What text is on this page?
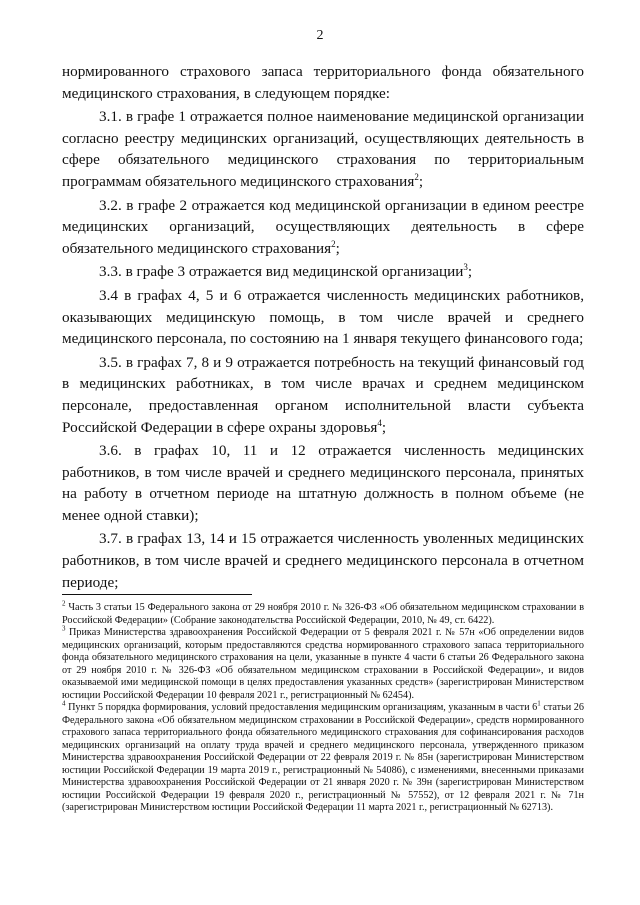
2

нормированного страхового запаса территориального фонда обязательного медицинского страхования, в следующем порядке:

3.1. в графе 1 отражается полное наименование медицинской организации согласно реестру медицинских организаций, осуществляющих деятельность в сфере обязательного медицинского страхования по территориальным программам обязательного медицинского страхования$^2$;

3.2. в графе 2 отражается код медицинской организации в едином реестре медицинских организаций, осуществляющих деятельность в сфере обязательного медицинского страхования$^2$;

3.3. в графе 3 отражается вид медицинской организации$^3$;

3.4 в графах 4, 5 и 6 отражается численность медицинских работников, оказывающих медицинскую помощь, в том числе врачей и среднего медицинского персонала, по состоянию на 1 января текущего финансового года;

3.5. в графах 7, 8 и 9 отражается потребность на текущий финансовый год в медицинских работниках, в том числе врачах и среднем медицинском персонале, предоставленная органом исполнительной власти субъекта Российской Федерации в сфере охраны здоровья$^4$;

3.6. в графах 10, 11 и 12 отражается численность медицинских работников, в том числе врачей и среднего медицинского персонала, принятых на работу в отчетном периоде на штатную должность в полном объеме (не менее одной ставки);

3.7. в графах 13, 14 и 15 отражается численность уволенных медицинских работников, в том числе врачей и среднего медицинского персонала в отчетном периоде;

$^2$ Часть 3 статьи 15 Федерального закона от 29 ноября 2010 г. № 326-ФЗ «Об обязательном медицинском страховании в Российской Федерации» (Собрание законодательства Российской Федерации, 2010, № 49, ст. 6422).

$^3$ Приказ Министерства здравоохранения Российской Федерации от 5 февраля 2021 г. № 57н «Об определении видов медицинских организаций, которым предоставляются средства нормированного страхового запаса территориального фонда обязательного медицинского страхования на цели, указанные в пункте 4 части 6 статьи 26 Федерального закона от 29 ноября 2010 г. № 326-ФЗ «Об обязательном медицинском страховании в Российской Федерации», и видов оказываемой ими медицинской помощи в целях предоставления указанных средств» (зарегистрирован Министерством юстиции Российской Федерации 10 февраля 2021 г., регистрационный № 62454).

$^4$ Пункт 5 порядка формирования, условий предоставления медицинским организациям, указанным в части $6^1$ статьи 26 Федерального закона «Об обязательном медицинском страховании в Российской Федерации», средств нормированного страхового запаса территориального фонда обязательного медицинского страхования для софинансирования расходов медицинских организаций на оплату труда врачей и среднего медицинского персонала, утвержденного приказом Министерства здравоохранения Российской Федерации от 22 февраля 2019 г. № 85н (зарегистрирован Министерством юстиции Российской Федерации 19 марта 2019 г., регистрационный № 54086), с изменениями, внесенными приказами Министерства здравоохранения Российской Федерации от 21 января 2020 г. № 39н (зарегистрирован Министерством юстиции Российской Федерации 19 февраля 2020 г., регистрационный № 57552), от 12 февраля 2021 г. № 71н (зарегистрирован Министерством юстиции Российской Федерации 11 марта 2021 г., регистрационный № 62713).
